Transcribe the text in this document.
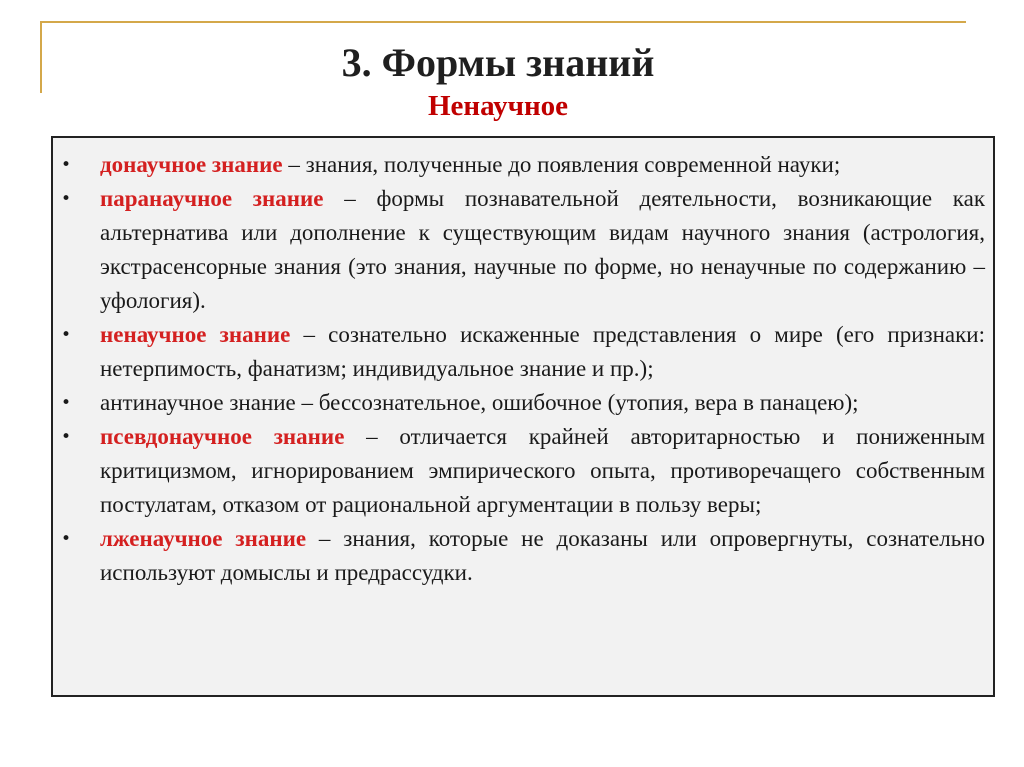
3. Формы знаний
Ненаучное
• донаучное знание – знания, полученные до появления современной науки;
• паранаучное знание – формы познавательной деятельности, возникающие как альтернатива или дополнение к существующим видам научного знания (астрология, экстрасенсорные знания (это знания, научные по форме, но ненаучные по содержанию – уфология).
• ненаучное знание – сознательно искаженные представления о мире (его признаки: нетерпимость, фанатизм; индивидуальное знание и пр.);
• антинаучное знание – бессознательное, ошибочное (утопия, вера в панацею);
• псевдонаучное знание – отличается крайней авторитарностью и пониженным критицизмом, игнорированием эмпирического опыта, противоречащего собственным постулатам, отказом от рациональной аргументации в пользу веры;
• лженаучное знание – знания, которые не доказаны или опровергнуты, сознательно используют домыслы и предрассудки.
